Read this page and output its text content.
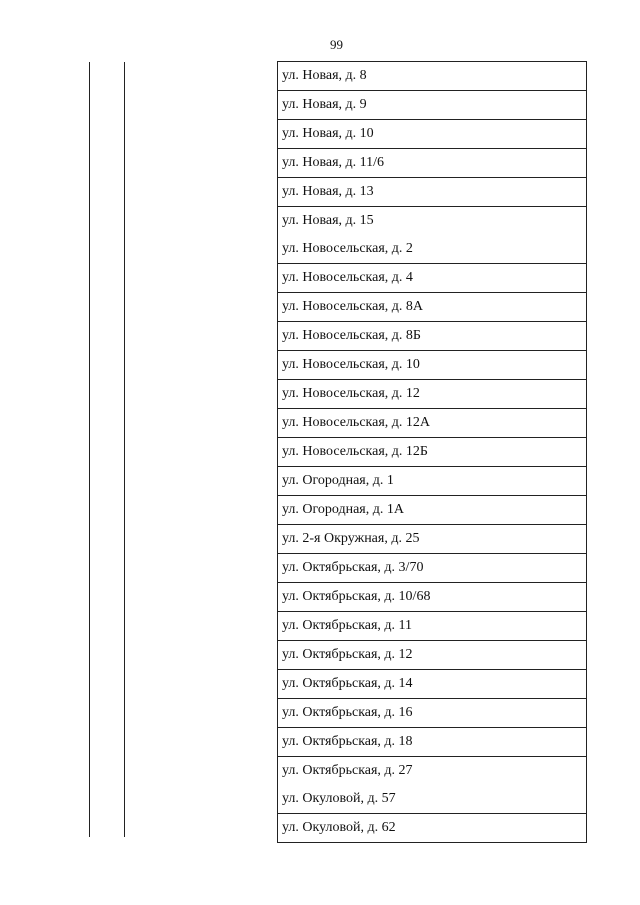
99
ул. Новая, д. 8
ул. Новая, д. 9
ул. Новая, д. 10
ул. Новая, д. 11/6
ул. Новая, д. 13
ул. Новая, д. 15
ул. Новосельская, д. 2
ул. Новосельская, д. 4
ул. Новосельская, д. 8А
ул. Новосельская, д. 8Б
ул. Новосельская, д. 10
ул. Новосельская, д. 12
ул. Новосельская, д. 12А
ул. Новосельская, д. 12Б
ул. Огородная, д. 1
ул. Огородная, д. 1А
ул. 2-я Окружная, д. 25
ул. Октябрьская, д. 3/70
ул. Октябрьская, д. 10/68
ул. Октябрьская, д. 11
ул. Октябрьская, д. 12
ул. Октябрьская, д. 14
ул. Октябрьская, д. 16
ул. Октябрьская, д. 18
ул. Октябрьская, д. 27
ул. Окуловой, д. 57
ул. Окуловой, д. 62
